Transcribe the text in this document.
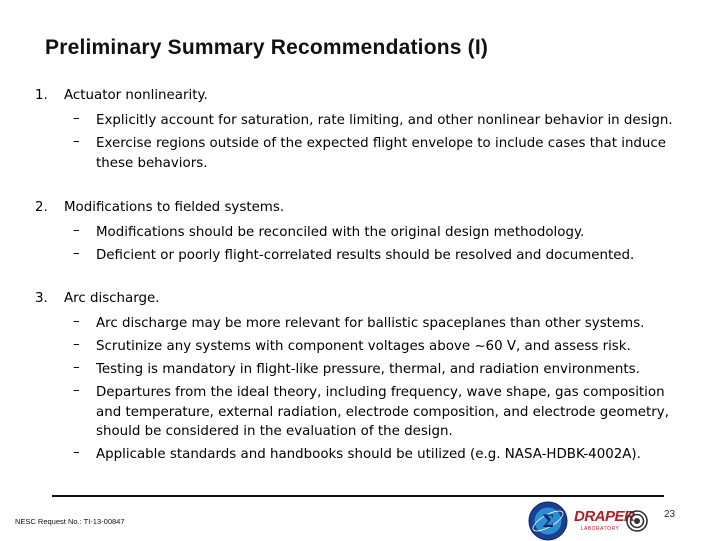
Preliminary Summary Recommendations (I)
1. Actuator nonlinearity.
– Explicitly account for saturation, rate limiting, and other nonlinear behavior in design.
– Exercise regions outside of the expected flight envelope to include cases that induce these behaviors.
2. Modifications to fielded systems.
– Modifications should be reconciled with the original design methodology.
– Deficient or poorly flight-correlated results should be resolved and documented.
3. Arc discharge.
– Arc discharge may be more relevant for ballistic spaceplanes than other systems.
– Scrutinize any systems with component voltages above ~60 V, and assess risk.
– Testing is mandatory in flight-like pressure, thermal, and radiation environments.
– Departures from the ideal theory, including frequency, wave shape, gas composition and temperature, external radiation, electrode composition, and electrode geometry, should be considered in the evaluation of the design.
– Applicable standards and handbooks should be utilized (e.g. NASA-HDBK-4002A).
NESC Request No.: TI-13-00847	Σ DRAPER
LABORATORY
23
